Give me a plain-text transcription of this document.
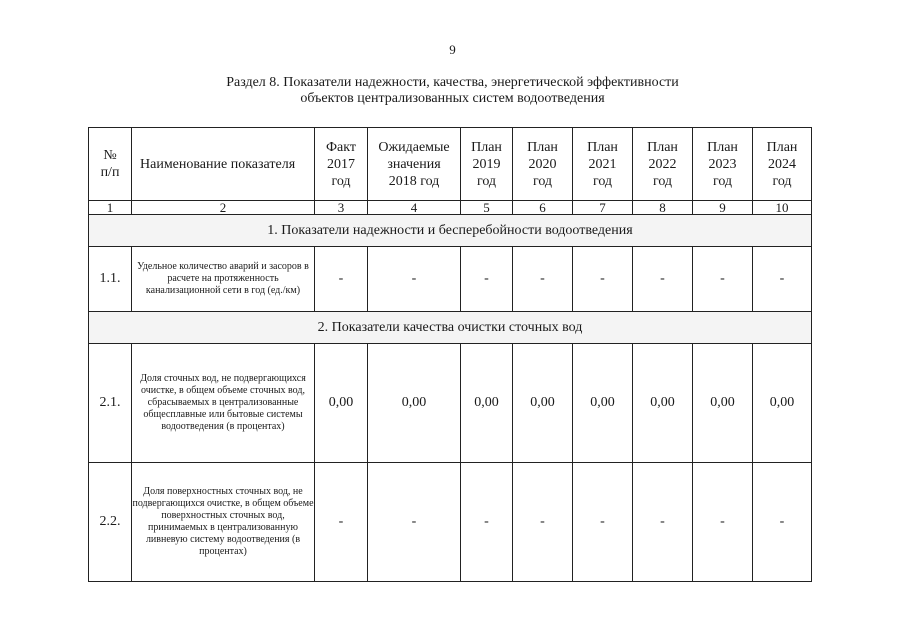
9
Раздел 8. Показатели надежности, качества, энергетической эффективности
объектов централизованных систем водоотведения
№
п/п	Наименование показателя	Факт
2017
год	Ожидаемые
значения
2018 год	План
2019
год	План
2020
год	План
2021
год	План
2022
год	План
2023
год	План
2024
год

1	2	3	4	5	6	7	8	9	10
1. Показатели надежности и бесперебойности водоотведения									
1.1.	Удельное количество аварий и засоров в расчете на протяженность канализационной сети в год (ед./км)	-	-	-	-	-	-	-	-
2. Показатели качества очистки сточных вод									
2.1.	Доля сточных вод, не подвергающихся очистке, в общем объеме сточных вод, сбрасываемых в централизованные общесплавные или бытовые системы водоотведения (в процентах)	0,00	0,00	0,00	0,00	0,00	0,00	0,00	0,00
2.2.	Доля поверхностных сточных вод, не подвергающихся очистке, в общем объеме поверхностных сточных вод, принимаемых в централизованную ливневую систему водоотведения (в процентах)	-	-	-	-	-	-	-	-
